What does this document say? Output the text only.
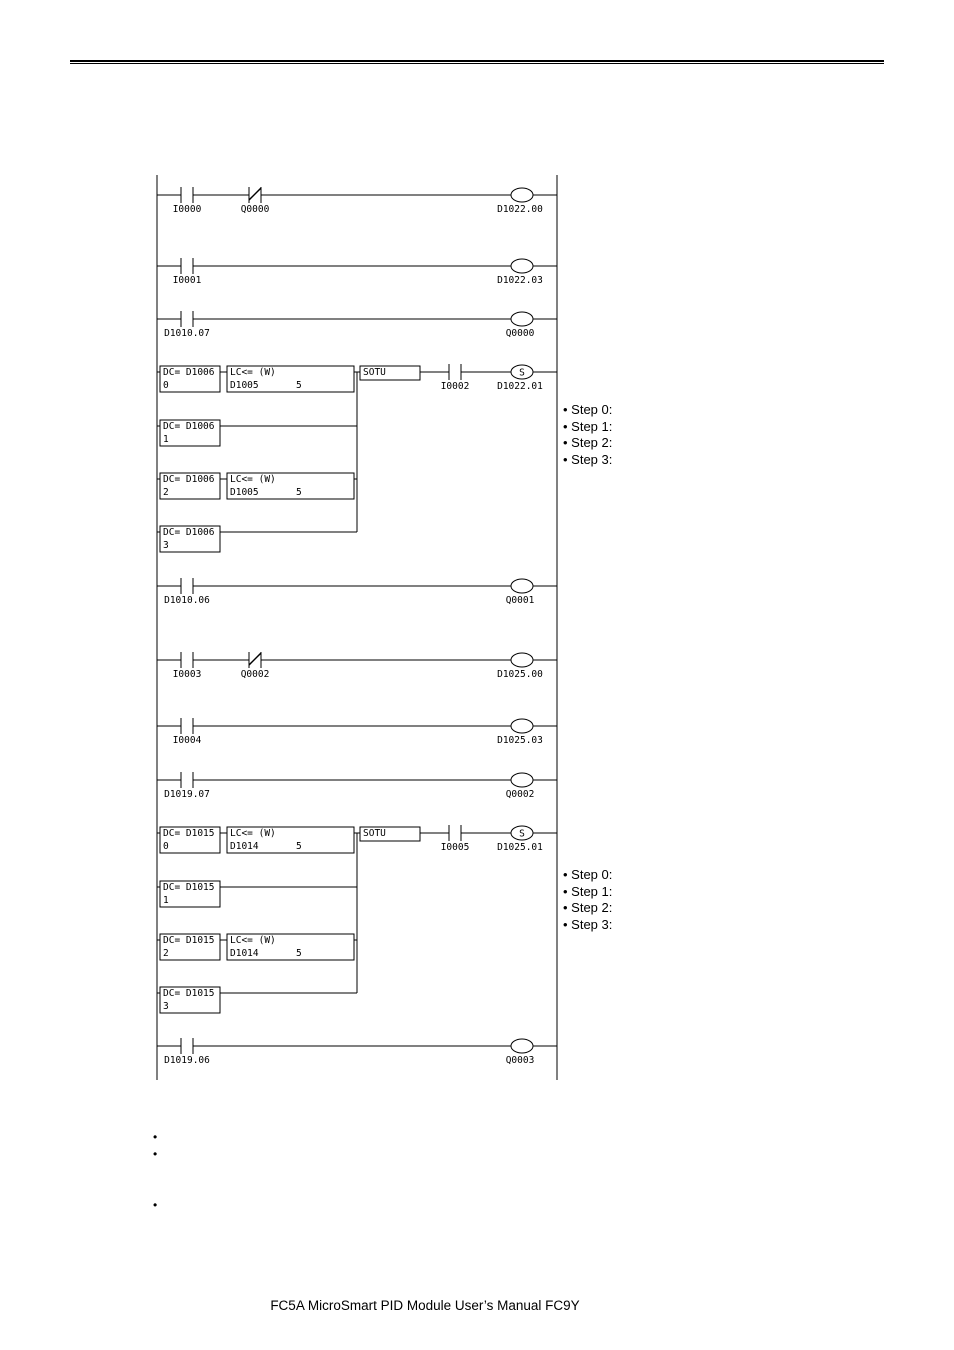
I0000	Q0000	D1022.00
I0001	D1022.03
D1010.07	Q0000
DC= D1006
0
LC<= (W)
D1005	5
DC= D1006
1
DC= D1006
2
LC<= (W)
D1005	5
DC= D1006
3
SOTU
I0002
S
D1022.01
D1010.06	Q0001
I0003	Q0002	D1025.00
I0004	D1025.03
D1019.07	Q0002
DC= D1015
0
LC<= (W)
D1014	5
DC= D1015
1
DC= D1015
2
LC<= (W)
D1014	5
DC= D1015
3
SOTU
I0005
S
D1025.01
D1019.06	Q0003
• Step 0:
• Step 1:
• Step 2:
• Step 3:
• Step 0:
• Step 1:
• Step 2:
• Step 3:
•
•
•
FC5A MicroSmart PID Module User’s Manual FC9Y
